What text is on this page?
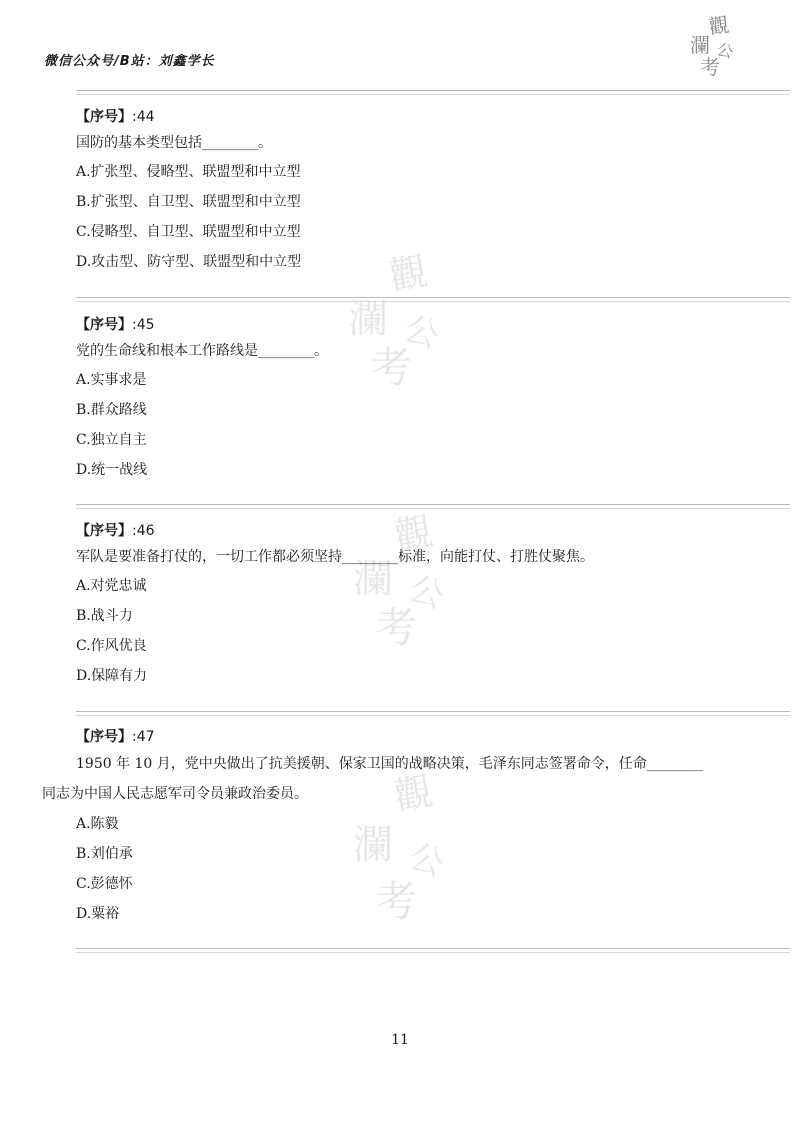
微信公众号/B站：刘鑫学长
觀
瀾 公
考
觀
瀾 公
考
觀
瀾 公
考
觀
瀾 公
考
【序号】:44
国防的基本类型包括________。
A.扩张型、侵略型、联盟型和中立型
B.扩张型、自卫型、联盟型和中立型
C.侵略型、自卫型、联盟型和中立型
D.攻击型、防守型、联盟型和中立型
【序号】:45
党的生命线和根本工作路线是________。
A.实事求是
B.群众路线
C.独立自主
D.统一战线
【序号】:46
军队是要准备打仗的，一切工作都必须坚持________标准，向能打仗、打胜仗聚焦。
A.对党忠诚
B.战斗力
C.作风优良
D.保障有力
【序号】:47
1950 年 10 月，党中央做出了抗美援朝、保家卫国的战略决策，毛泽东同志签署命令，任命________
同志为中国人民志愿军司令员兼政治委员。
A.陈毅
B.刘伯承
C.彭德怀
D.粟裕
11
